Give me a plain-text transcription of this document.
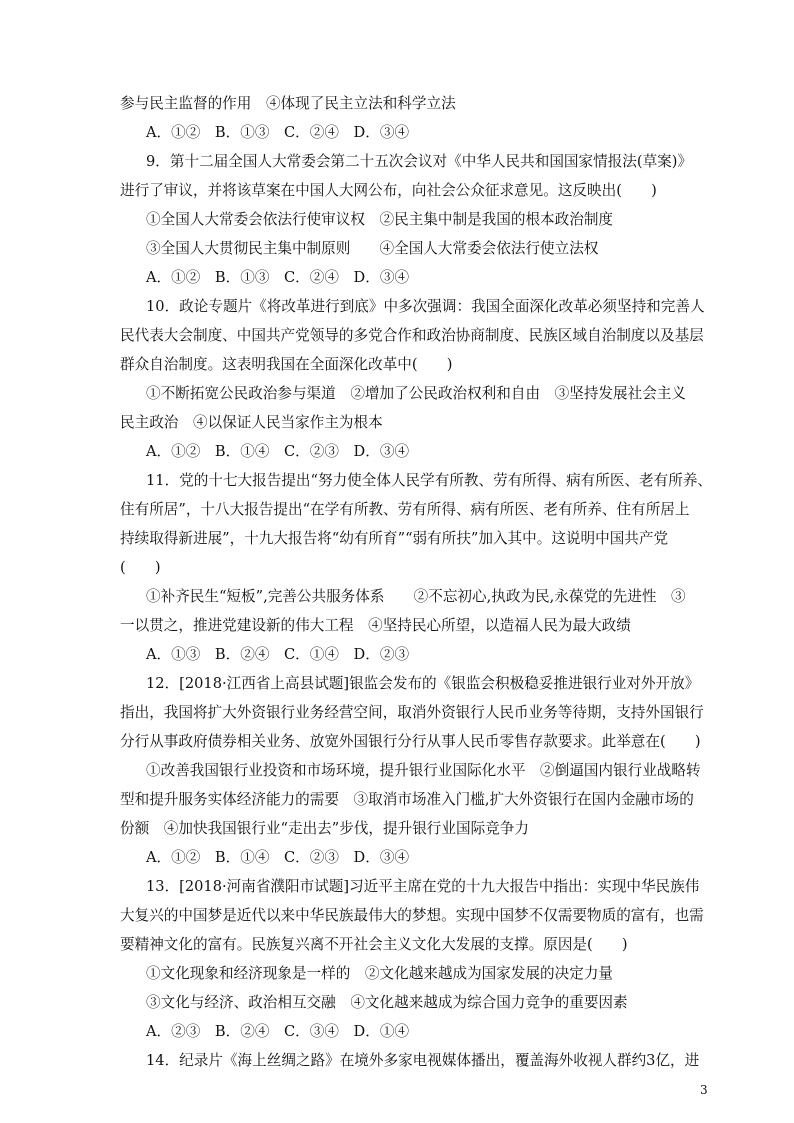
参与民主监督的作用　④体现了民主立法和科学立法
A．①②　B．①③　C．②④　D．③④
9．第十二届全国人大常委会第二十五次会议对《中华人民共和国国家情报法(草案)》
进行了审议，并将该草案在中国人大网公布，向社会公众征求意见。这反映出(　　)
①全国人大常委会依法行使审议权　②民主集中制是我国的根本政治制度
③全国人大贯彻民主集中制原则　　④全国人大常委会依法行使立法权
A．①②　B．①③　C．②④　D．③④
10．政论专题片《将改革进行到底》中多次强调：我国全面深化改革必须坚持和完善人
民代表大会制度、中国共产党领导的多党合作和政治协商制度、民族区域自治制度以及基层
群众自治制度。这表明我国在全面深化改革中(　　)
①不断拓宽公民政治参与渠道　②增加了公民政治权利和自由　③坚持发展社会主义
民主政治　④以保证人民当家作主为根本
A．①②　B．①④　C．②③　D．③④
11．党的十七大报告提出“努力使全体人民学有所教、劳有所得、病有所医、老有所养、
住有所居”，十八大报告提出“在学有所教、劳有所得、病有所医、老有所养、住有所居上
持续取得新进展”，十九大报告将“幼有所育”“弱有所扶”加入其中。这说明中国共产党
(　　)
①补齐民生“短板”,完善公共服务体系　　②不忘初心,执政为民,永葆党的先进性　③
一以贯之，推进党建设新的伟大工程　④坚持民心所望，以造福人民为最大政绩
A．①③　B．②④　C．①④　D．②③
12．[2018·江西省上高县试题]银监会发布的《银监会积极稳妥推进银行业对外开放》
指出，我国将扩大外资银行业务经营空间，取消外资银行人民币业务等待期，支持外国银行
分行从事政府债券相关业务、放宽外国银行分行从事人民币零售存款要求。此举意在(　　)
①改善我国银行业投资和市场环境，提升银行业国际化水平　②倒逼国内银行业战略转
型和提升服务实体经济能力的需要　③取消市场准入门槛,扩大外资银行在国内金融市场的
份额　④加快我国银行业“走出去”步伐，提升银行业国际竞争力
A．①②　B．①④　C．②③　D．③④
13．[2018·河南省濮阳市试题]习近平主席在党的十九大报告中指出：实现中华民族伟
大复兴的中国梦是近代以来中华民族最伟大的梦想。实现中国梦不仅需要物质的富有，也需
要精神文化的富有。民族复兴离不开社会主义文化大发展的支撑。原因是(　　)
①文化现象和经济现象是一样的　②文化越来越成为国家发展的决定力量
③文化与经济、政治相互交融　④文化越来越成为综合国力竞争的重要因素
A．②③　B．②④　C．③④　D．①④
14．纪录片《海上丝绸之路》在境外多家电视媒体播出，覆盖海外收视人群约3亿，进
3
